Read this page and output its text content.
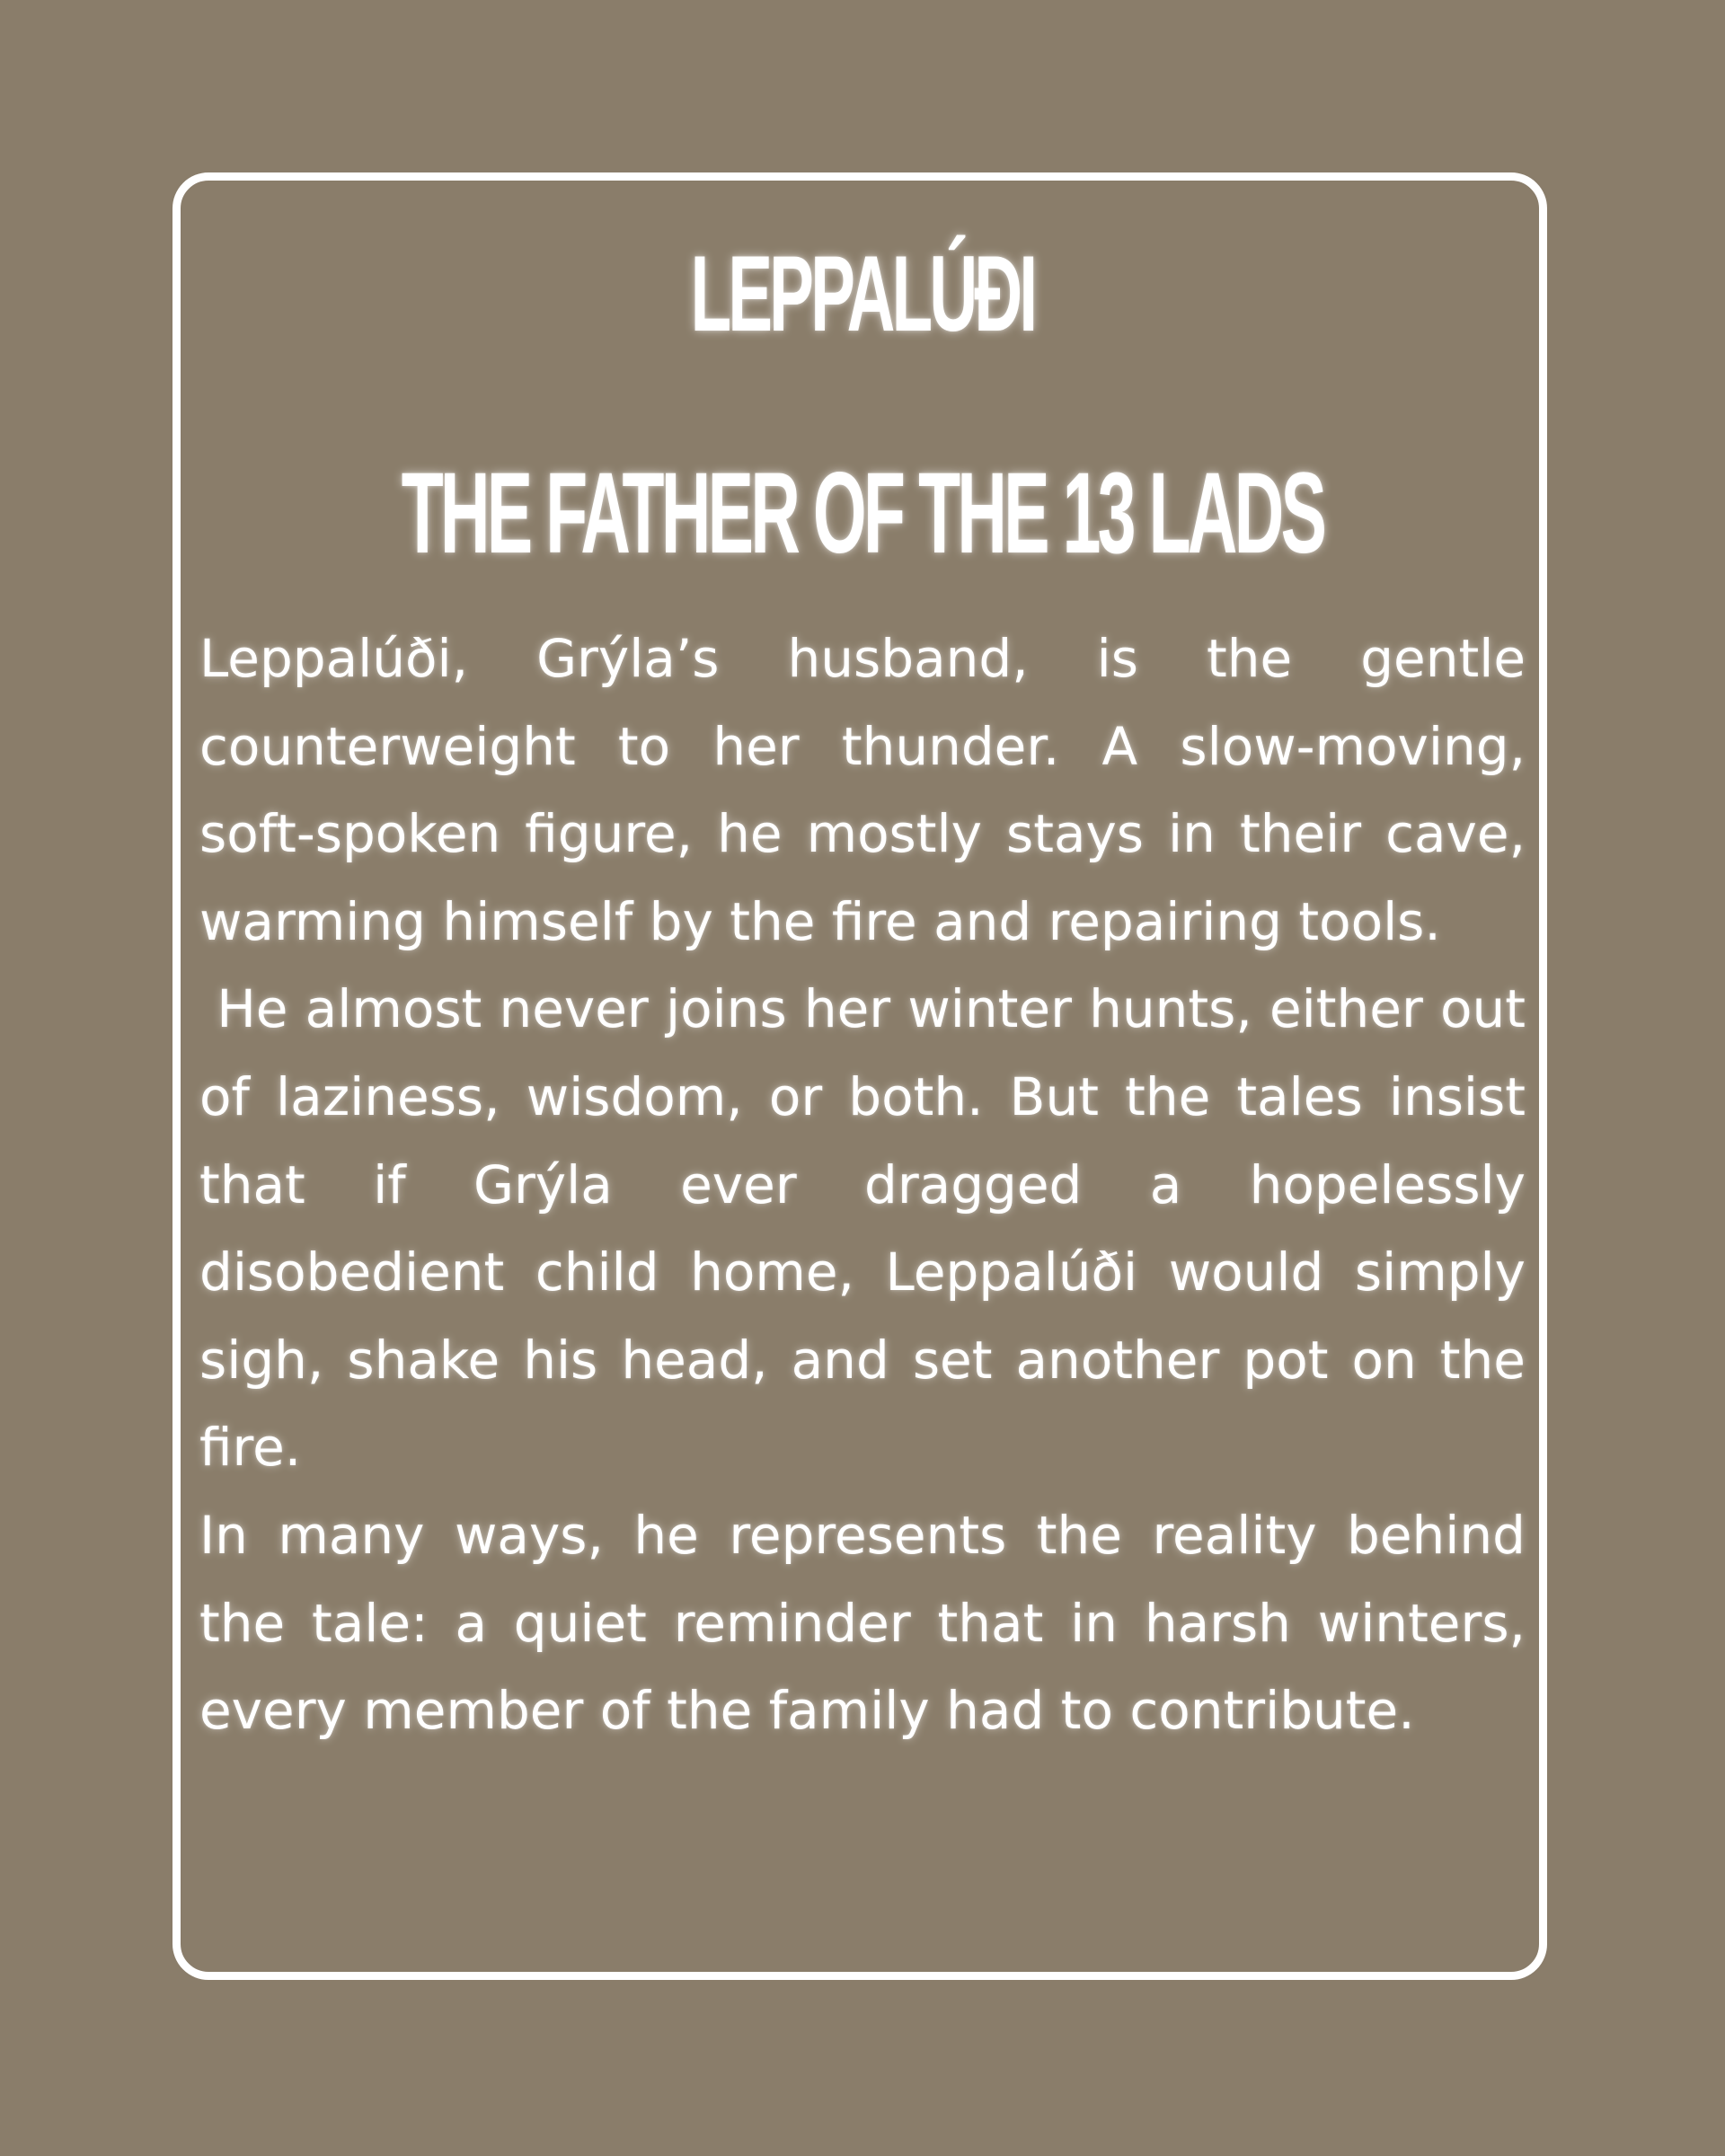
LEPPALÚÐI
THE FATHER OF THE 13 LADS

Leppalúði, Grýla’s husband, is the gentle counterweight to her thunder. A slow-moving, soft-spoken figure, he mostly stays in their cave, warming himself by the fire and repairing tools.

He almost never joins her winter hunts, either out of laziness, wisdom, or both. But the tales insist that if Grýla ever dragged a hopelessly disobedient child home, Leppalúði would simply sigh, shake his head, and set another pot on the fire.

In many ways, he represents the reality behind the tale: a quiet reminder that in harsh winters, every member of the family had to contribute.
